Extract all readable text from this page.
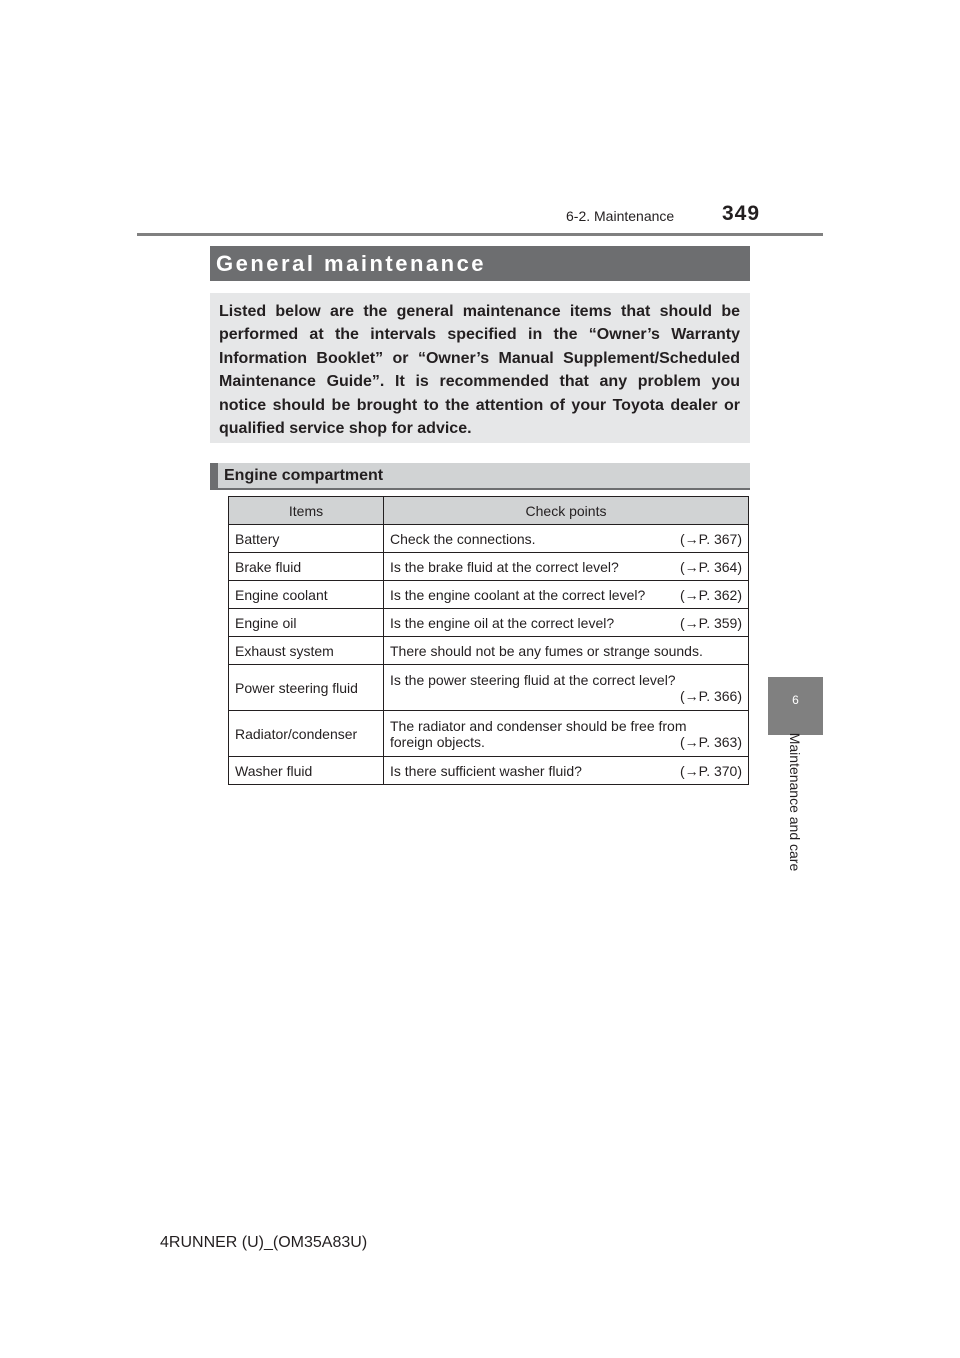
6-2. Maintenance 349
6
Maintenance and care
General maintenance
Listed below are the general maintenance items that should be performed at the intervals specified in the “Owner’s Warranty Information Booklet” or “Owner’s Manual Supplement/Scheduled Maintenance Guide”. It is recommended that any problem you notice should be brought to the attention of your Toyota dealer or qualified service shop for advice.
Engine compartment
Items	Check points
Battery	Check the connections. (→P. 367)

Brake fluid	Is the brake fluid at the correct level? (→P. 364)

Engine coolant	Is the engine coolant at the correct level? (→P. 362)

Engine oil	Is the engine oil at the correct level? (→P. 359)

Exhaust system	There should not be any fumes or strange sounds.
Power steering fluid	Is the power steering fluid at the correct level?
(→P. 366)

Radiator/condenser	The radiator and condenser should be free from
foreign objects. (→P. 363)

Washer fluid	Is there sufficient washer fluid? (→P. 370)
4RUNNER (U)_(OM35A83U)
